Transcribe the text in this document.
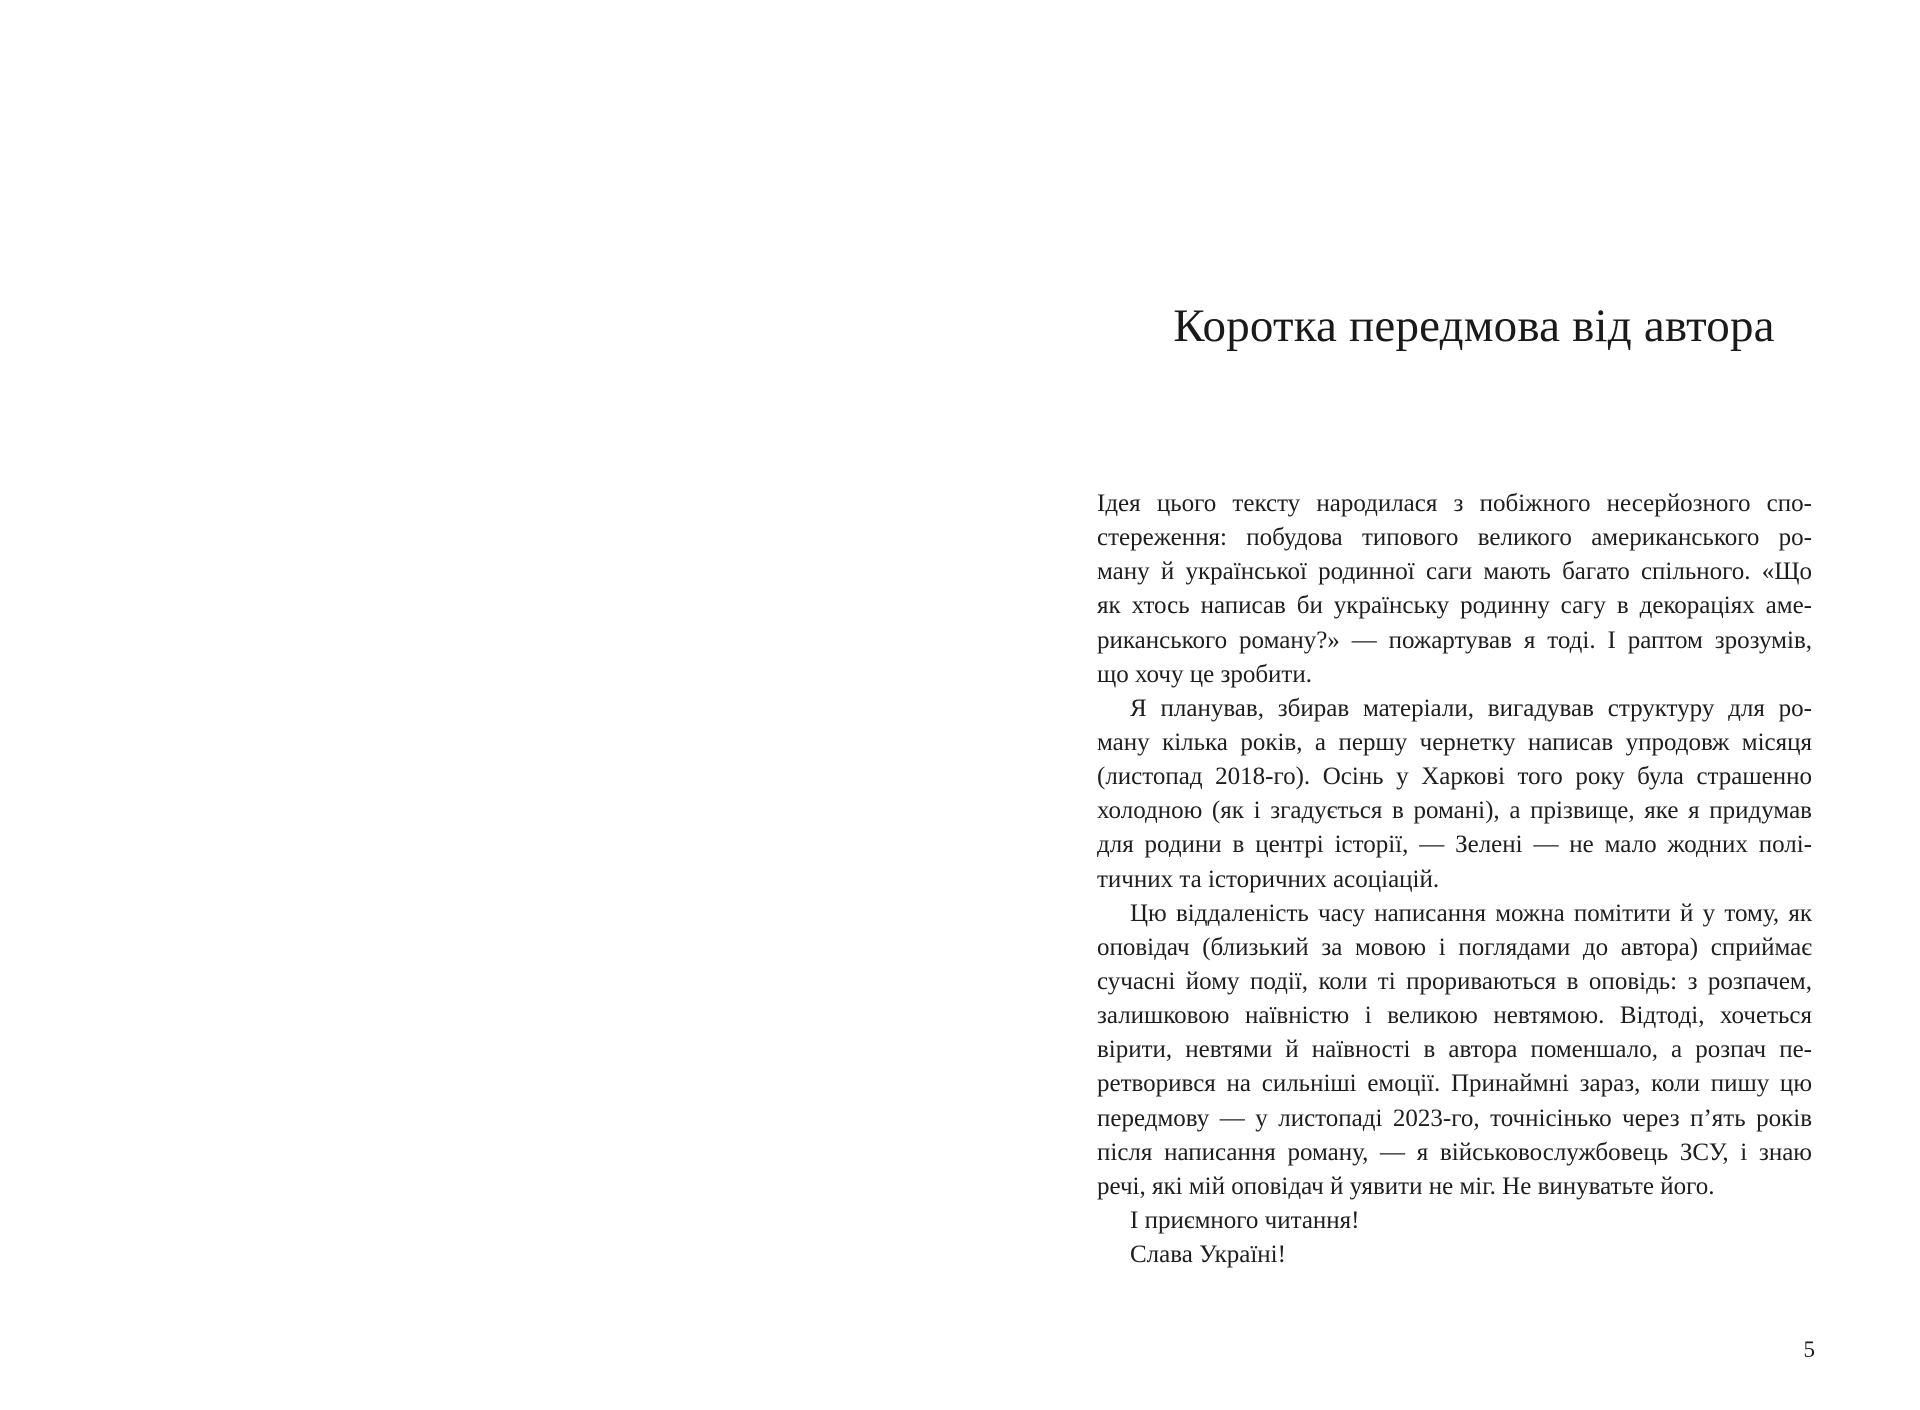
Коротка передмова від автора
Ідея цього тексту народилася з побіжного несерйозного спо-
стереження: побудова типового великого американського ро-
ману й української родинної саги мають багато спільного. «Що
як хтось написав би українську родинну сагу в декораціях аме-
риканського роману?» — пожартував я тоді. І раптом зрозумів,
що хочу це зробити.
Я планував, збирав матеріали, вигадував структуру для ро-
ману кілька років, а першу чернетку написав упродовж місяця
(листопад 2018-го). Осінь у Харкові того року була страшенно
холодною (як і згадується в романі), а прізвище, яке я придумав
для родини в центрі історії, — Зелені — не мало жодних полі-
тичних та історичних асоціацій.
Цю віддаленість часу написання можна помітити й у тому, як
оповідач (близький за мовою і поглядами до автора) сприймає
сучасні йому події, коли ті прориваються в оповідь: з розпачем,
залишковою наївністю і великою невтямою. Відтоді, хочеться
вірити, невтями й наївності в автора поменшало, а розпач пе-
ретворився на сильніші емоції. Принаймні зараз, коли пишу цю
передмову — у листопаді 2023-го, точнісінько через п’ять років
після написання роману, — я військовослужбовець ЗСУ, і знаю
речі, які мій оповідач й уявити не міг. Не винуватьте його.
І приємного читання!
Слава Україні!
5
